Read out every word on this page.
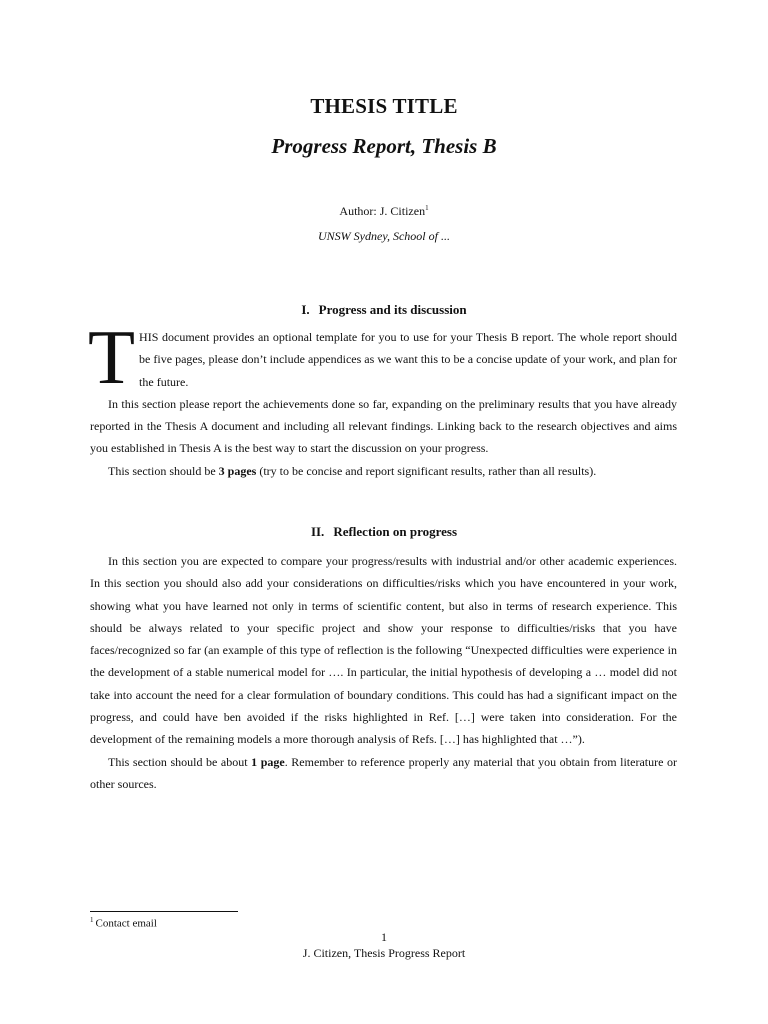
THESIS TITLE
Progress Report, Thesis B
Author: J. Citizen$^1$
UNSW Sydney, School of ...
I. Progress and its discussion

THIS document provides an optional template for you to use for your Thesis B report. The whole report should be five pages, please don’t include appendices as we want this to be a concise update of your work, and plan for the future.

In this section please report the achievements done so far, expanding on the preliminary results that you have already reported in the Thesis A document and including all relevant findings. Linking back to the research objectives and aims you established in Thesis A is the best way to start the discussion on your progress.

This section should be 3 pages (try to be concise and report significant results, rather than all results).

II. Reflection on progress

In this section you are expected to compare your progress/results with industrial and/or other academic experiences. In this section you should also add your considerations on difficulties/risks which you have encountered in your work, showing what you have learned not only in terms of scientific content, but also in terms of research experience. This should be always related to your specific project and show your response to difficulties/risks that you have faces/recognized so far (an example of this type of reflection is the following “Unexpected difficulties were experience in the development of a stable numerical model for …. In particular, the initial hypothesis of developing a … model did not take into account the need for a clear formulation of boundary conditions. This could has had a significant impact on the progress, and could have ben avoided if the risks highlighted in Ref. […] were taken into consideration. For the development of the remaining models a more thorough analysis of Refs. […] has highlighted that …”).

This section should be about 1 page. Remember to reference properly any material that you obtain from literature or other sources.

$^1$ Contact email
1
J. Citizen, Thesis Progress Report
